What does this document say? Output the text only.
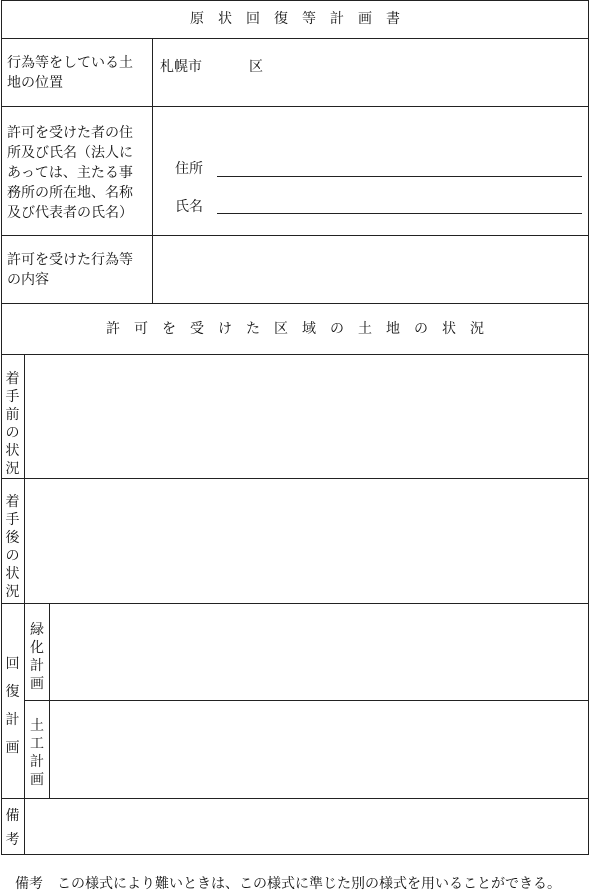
原　状　回　復　等　計　画　書
行為等をしている土
地の位置
札幌市	区
許可を受けた者の住
所及び氏名（法人に
あっては、主たる事
務所の所在地、名称
及び代表者の氏名）
住所
氏名
許可を受けた行為等
の内容
許　可　を　受　け　た　区　域　の　土　地　の　状　況
着
手
前
の
状
況
着
手
後
の
状
況
回
復
計
画
緑
化
計
画
土
工
計
画
備
考
備考　この様式により難いときは、この様式に準じた別の様式を用いることができる。
